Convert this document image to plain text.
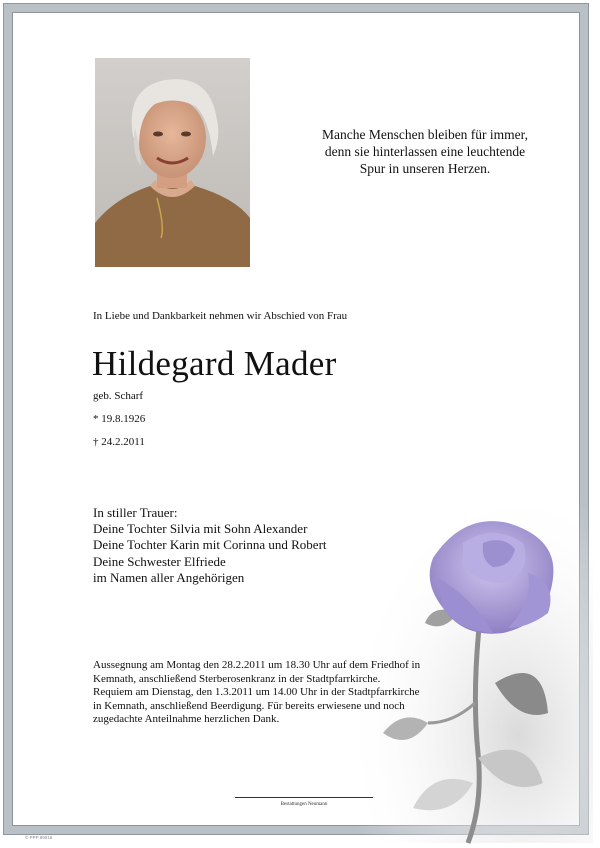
Manche Menschen bleiben für immer,
denn sie hinterlassen eine leuchtende
Spur in unseren Herzen.
In Liebe und Dankbarkeit nehmen wir Abschied von Frau
Hildegard Mader
geb. Scharf
* 19.8.1926
† 24.2.2011
In stiller Trauer:
Deine Tochter Silvia mit Sohn Alexander
Deine Tochter Karin mit Corinna und Robert
Deine Schwester Elfriede
im Namen aller Angehörigen
Aussegnung am Montag den 28.2.2011 um 18.30 Uhr auf dem Friedhof in
Kemnath, anschließend Sterberosenkranz in der Stadtpfarrkirche.
Requiem am Dienstag, den 1.3.2011 um 14.00 Uhr in der Stadtpfarrkirche
in Kemnath, anschließend Beerdigung. Für bereits erwiesene und noch
zugedachte Anteilnahme herzlichen Dank.
Bestattungen Neumann
© PPP 89016
